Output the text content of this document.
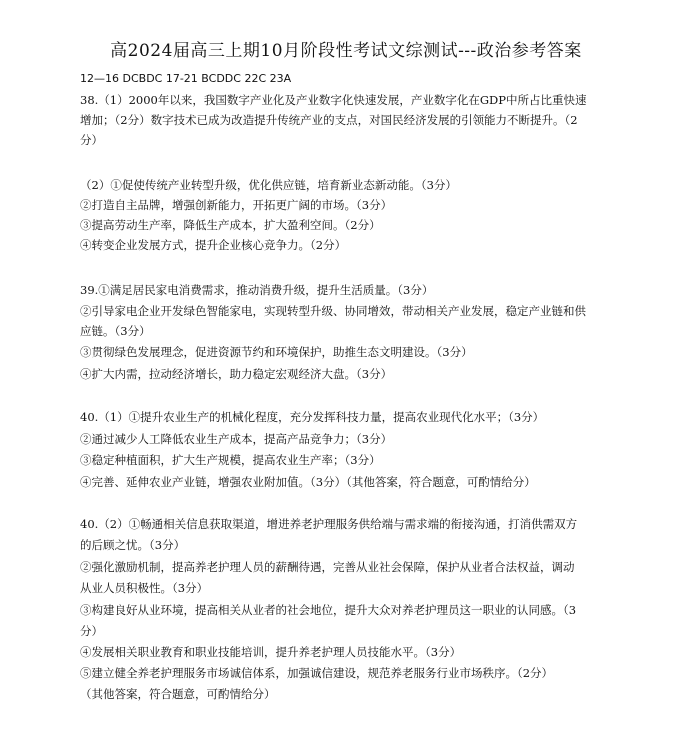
高2024届高三上期10月阶段性考试文综测试---政治参考答案
12—16 DCBDC 17-21 BCDDC 22C 23A
38.（1）2000年以来，我国数字产业化及产业数字化快速发展，产业数字化在GDP中所占比重快速
增加；（2分）数字技术已成为改造提升传统产业的支点，对国民经济发展的引领能力不断提升。（2
分）
（2）①促使传统产业转型升级，优化供应链，培育新业态新动能。（3分）
②打造自主品牌，增强创新能力，开拓更广阔的市场。（3分）
③提高劳动生产率，降低生产成本，扩大盈利空间。（2分）
④转变企业发展方式，提升企业核心竞争力。（2分）
39.①满足居民家电消费需求，推动消费升级，提升生活质量。（3分）
②引导家电企业开发绿色智能家电，实现转型升级、协同增效，带动相关产业发展，稳定产业链和供
应链。（3分）
③贯彻绿色发展理念，促进资源节约和环境保护，助推生态文明建设。（3分）
④扩大内需，拉动经济增长，助力稳定宏观经济大盘。（3分）
40.（1）①提升农业生产的机械化程度，充分发挥科技力量，提高农业现代化水平；（3分）
②通过减少人工降低农业生产成本，提高产品竞争力；（3分）
③稳定种植面积，扩大生产规模，提高农业生产率；（3分）
④完善、延伸农业产业链，增强农业附加值。（3分）（其他答案，符合题意，可酌情给分）
40.（2）①畅通相关信息获取渠道，增进养老护理服务供给端与需求端的衔接沟通，打消供需双方
的后顾之忧。（3分）
②强化激励机制，提高养老护理人员的薪酬待遇，完善从业社会保障，保护从业者合法权益，调动
从业人员积极性。（3分）
③构建良好从业环境，提高相关从业者的社会地位，提升大众对养老护理员这一职业的认同感。（3
分）
④发展相关职业教育和职业技能培训，提升养老护理人员技能水平。（3分）
⑤建立健全养老护理服务市场诚信体系，加强诚信建设，规范养老服务行业市场秩序。（2分）
（其他答案，符合题意，可酌情给分）
